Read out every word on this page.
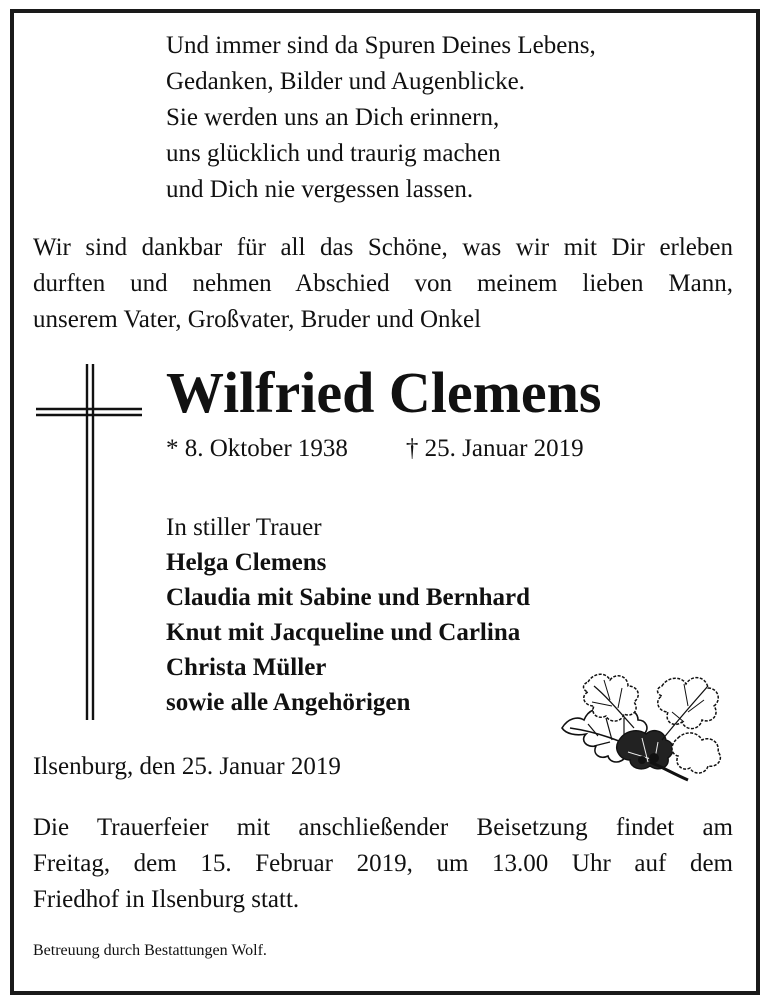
Und immer sind da Spuren Deines Lebens,
Gedanken, Bilder und Augenblicke.
Sie werden uns an Dich erinnern,
uns glücklich und traurig machen
und Dich nie vergessen lassen.
Wir sind dankbar für all das Schöne, was wir mit Dir erleben
durften und nehmen Abschied von meinem lieben Mann,
unserem Vater, Großvater, Bruder und Onkel
Wilfried Clemens
* 8. Oktober 1938 † 25. Januar 2019
In stiller Trauer
Helga Clemens
Claudia mit Sabine und Bernhard
Knut mit Jacqueline und Carlina
Christa Müller
sowie alle Angehörigen
Ilsenburg, den 25. Januar 2019
Die Trauerfeier mit anschließender Beisetzung findet am
Freitag, dem 15. Februar 2019, um 13.00 Uhr auf dem
Friedhof in Ilsenburg statt.
Betreuung durch Bestattungen Wolf.
